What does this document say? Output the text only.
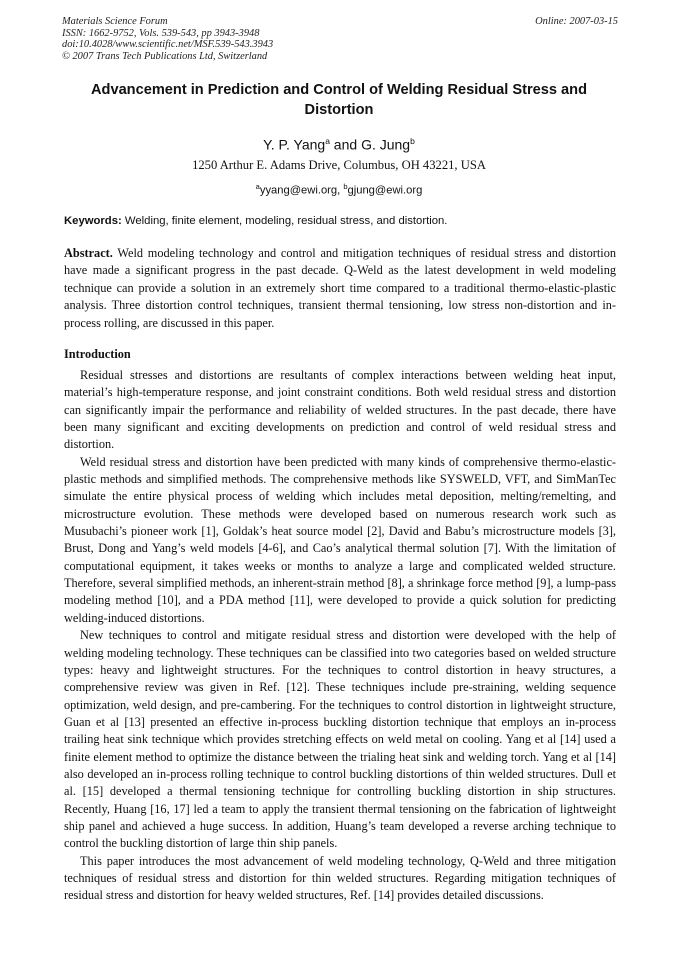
Materials Science Forum
ISSN: 1662-9752, Vols. 539-543, pp 3943-3948
doi:10.4028/www.scientific.net/MSF.539-543.3943
© 2007 Trans Tech Publications Ltd, Switzerland
Online: 2007-03-15
Advancement in Prediction and Control of Welding Residual Stress and Distortion
Y. P. Yang$^a$ and G. Jung$^b$
1250 Arthur E. Adams Drive, Columbus, OH 43221, USA
$^a$yyang@ewi.org, $^b$gjung@ewi.org
Keywords: Welding, finite element, modeling, residual stress, and distortion.
Abstract. Weld modeling technology and control and mitigation techniques of residual stress and distortion have made a significant progress in the past decade. Q-Weld as the latest development in weld modeling technique can provide a solution in an extremely short time compared to a traditional thermo-elastic-plastic analysis. Three distortion control techniques, transient thermal tensioning, low stress non-distortion and in-process rolling, are discussed in this paper.
Introduction

Residual stresses and distortions are resultants of complex interactions between welding heat input, material’s high-temperature response, and joint constraint conditions. Both weld residual stress and distortion can significantly impair the performance and reliability of welded structures. In the past decade, there have been many significant and exciting developments on prediction and control of weld residual stress and distortion.

Weld residual stress and distortion have been predicted with many kinds of comprehensive thermo-elastic-plastic methods and simplified methods. The comprehensive methods like SYSWELD, VFT, and SimManTec simulate the entire physical process of welding which includes metal deposition, melting/remelting, and microstructure evolution. These methods were developed based on numerous research work such as Musubachi’s pioneer work [1], Goldak’s heat source model [2], David and Babu’s microstructure models [3], Brust, Dong and Yang’s weld models [4-6], and Cao’s analytical thermal solution [7]. With the limitation of computational equipment, it takes weeks or months to analyze a large and complicated welded structure. Therefore, several simplified methods, an inherent-strain method [8], a shrinkage force method [9], a lump-pass modeling method [10], and a PDA method [11], were developed to provide a quick solution for predicting welding-induced distortions.

New techniques to control and mitigate residual stress and distortion were developed with the help of welding modeling technology. These techniques can be classified into two categories based on welded structure types: heavy and lightweight structures. For the techniques to control distortion in heavy structures, a comprehensive review was given in Ref. [12]. These techniques include pre-straining, welding sequence optimization, weld design, and pre-cambering. For the techniques to control distortion in lightweight structure, Guan et al [13] presented an effective in-process buckling distortion technique that employs an in-process trailing heat sink technique which provides stretching effects on weld metal on cooling. Yang et al [14] used a finite element method to optimize the distance between the trialing heat sink and welding torch. Yang et al [14] also developed an in-process rolling technique to control buckling distortions of thin welded structures. Dull et al. [15] developed a thermal tensioning technique for controlling buckling distortion in ship structures. Recently, Huang [16, 17] led a team to apply the transient thermal tensioning on the fabrication of lightweight ship panel and achieved a huge success. In addition, Huang’s team developed a reverse arching technique to control the buckling distortion of large thin ship panels.

This paper introduces the most advancement of weld modeling technology, Q-Weld and three mitigation techniques of residual stress and distortion for thin welded structures. Regarding mitigation techniques of residual stress and distortion for heavy welded structures, Ref. [14] provides detailed discussions.
